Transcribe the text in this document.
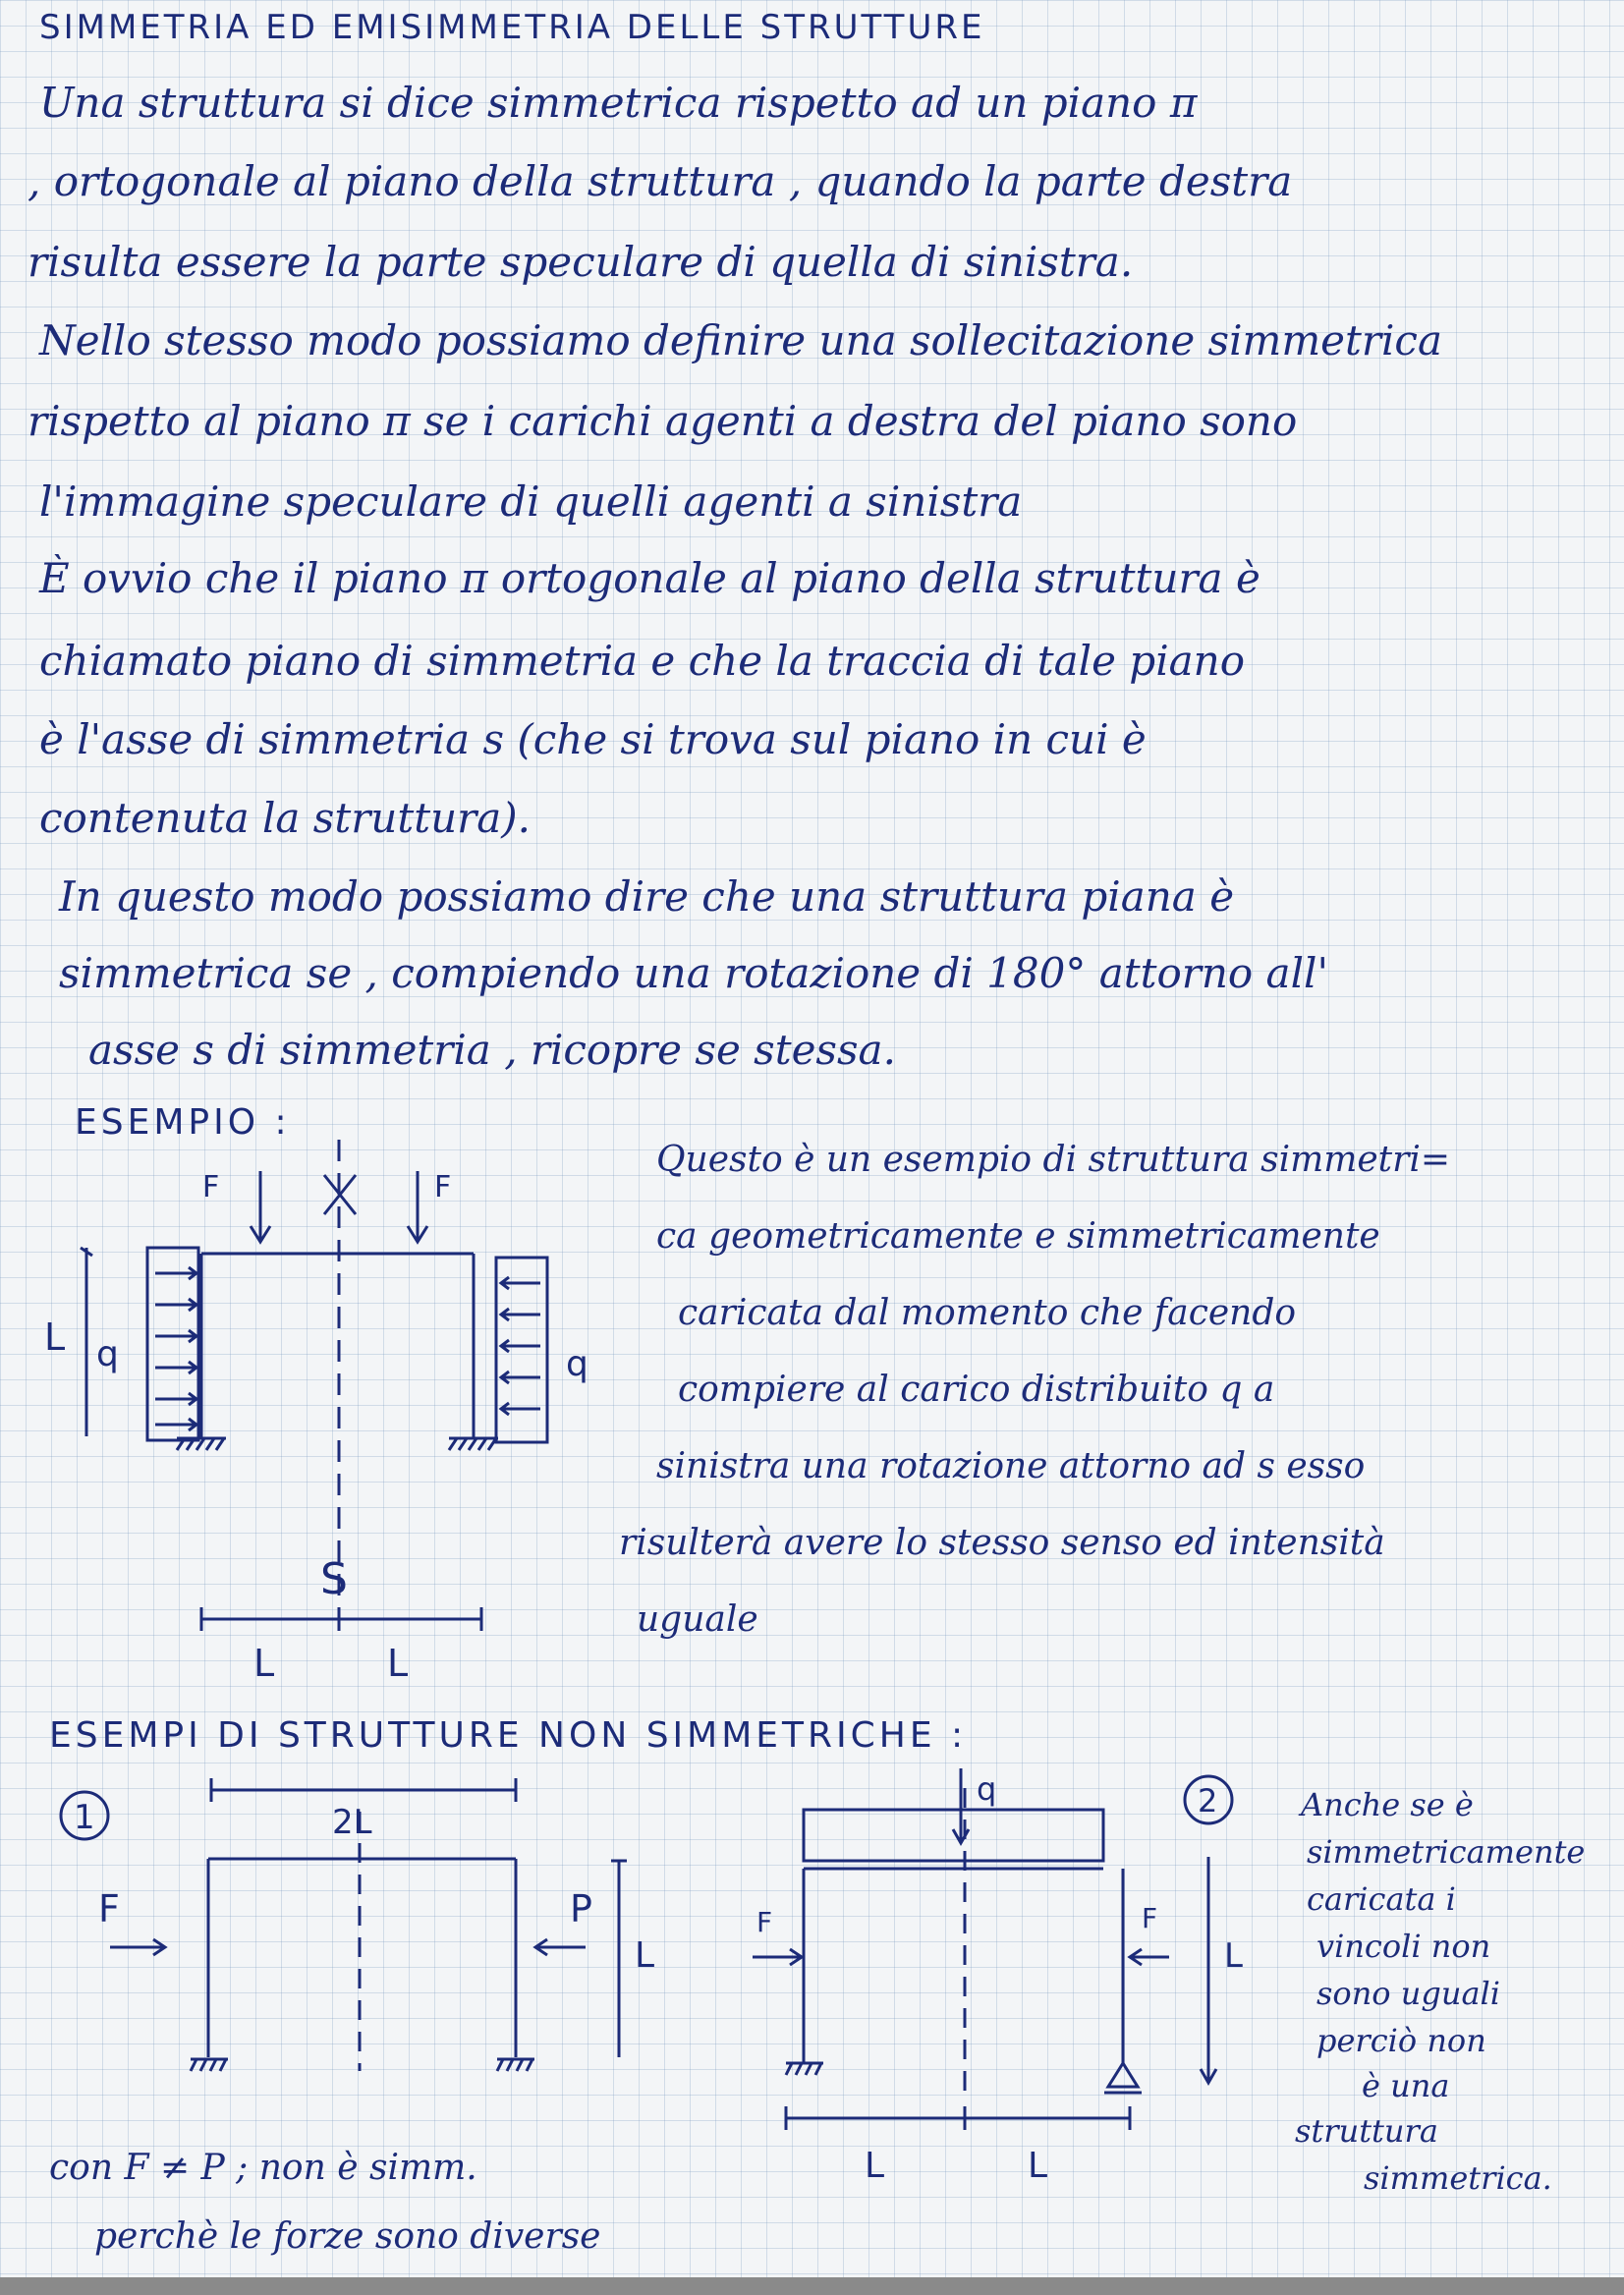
SIMMETRIA ED EMISIMMETRIA DELLE STRUTTURE
Una struttura si dice simmetrica rispetto ad un piano π
, ortogonale al piano della struttura , quando la parte destra
risulta essere la parte speculare di quella di sinistra.
Nello stesso modo possiamo definire una sollecitazione simmetrica
rispetto al piano π se i carichi agenti a destra del piano sono
l'immagine speculare di quelli agenti a sinistra
È ovvio che il piano π ortogonale al piano della struttura è
chiamato piano di simmetria e che la traccia di tale piano
è l'asse di simmetria s (che si trova sul piano in cui è
contenuta la struttura).
In questo modo possiamo dire che una struttura piana è
simmetrica se , compiendo una rotazione di 180° attorno all'
asse s di simmetria , ricopre se stessa.
ESEMPIO :
Questo è un esempio di struttura simmetri=
ca geometricamente e simmetricamente
caricata dal momento che facendo
compiere al carico distribuito q a
sinistra una rotazione attorno ad s esso
risulterà avere lo stesso senso ed intensità
uguale
F	F
L q	q
S
L	L
ESEMPI DI STRUTTURE NON SIMMETRICHE :
1	2L
F	P
L
q
F	F
L
2
L	L
Anche se è
simmetricamente
caricata i
vincoli non
sono uguali
perciò non
è una
struttura
simmetrica.
con F ≠ P ; non è simm.
perchè le forze sono diverse
